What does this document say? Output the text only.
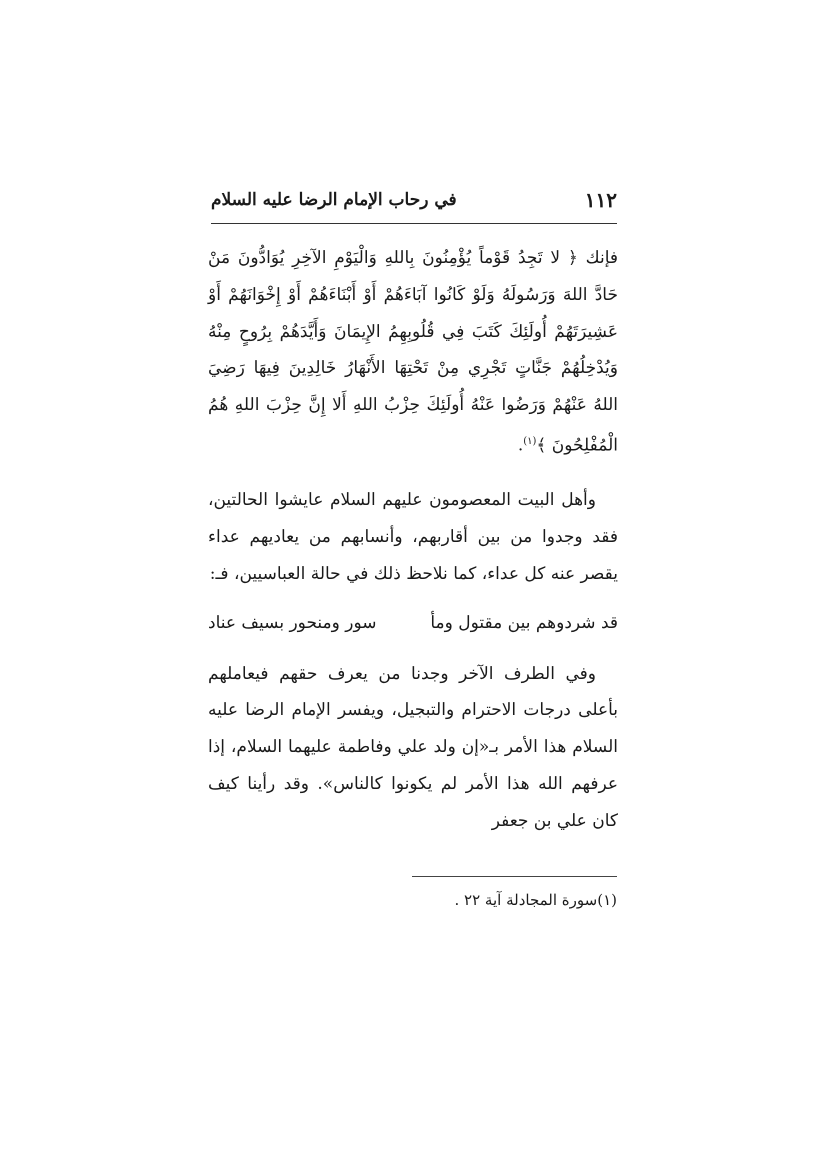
١١٢
في رحاب الإمام الرضا عليه السلام

فإنك ﴿ لا تَجِدُ قَوْماً يُؤْمِنُونَ بِاللهِ وَالْيَوْمِ الآخِرِ يُوَادُّونَ مَنْ حَادَّ اللهَ وَرَسُولَهُ وَلَوْ كَانُوا آبَاءَهُمْ أَوْ أَبْنَاءَهُمْ أَوْ إِخْوَانَهُمْ أَوْ عَشِيرَتَهُمْ أُولَئِكَ كَتَبَ فِي قُلُوبِهِمُ الإِيمَانَ وَأَيَّدَهُمْ بِرُوحٍ مِنْهُ وَيُدْخِلُهُمْ جَنَّاتٍ تَجْرِي مِنْ تَحْتِهَا الأَنْهَارُ خَالِدِينَ فِيهَا رَضِيَ اللهُ عَنْهُمْ وَرَضُوا عَنْهُ أُولَئِكَ حِزْبُ اللهِ أَلا إِنَّ حِزْبَ اللهِ هُمُ الْمُفْلِحُونَ ﴾$^{(١)}$.

وأهل البيت المعصومون عليهم السلام عايشوا الحالتين، فقد وجدوا من بين أقاربهم، وأنسابهم من يعاديهم عداء يقصر عنه كل عداء، كما نلاحظ ذلك في حالة العباسيين، فـ:

قد شردوهم بين مقتول ومأ
سور ومنحور بسيف عناد

وفي الطرف الآخر وجدنا من يعرف حقهم فيعاملهم بأعلى درجات الاحترام والتبجيل، ويفسر الإمام الرضا عليه السلام هذا الأمر بـ«إن ولد علي وفاطمة عليهما السلام، إذا عرفهم الله هذا الأمر لم يكونوا كالناس». وقد رأينا كيف كان علي بن جعفر

(١)سورة المجادلة آية ٢٢ .
